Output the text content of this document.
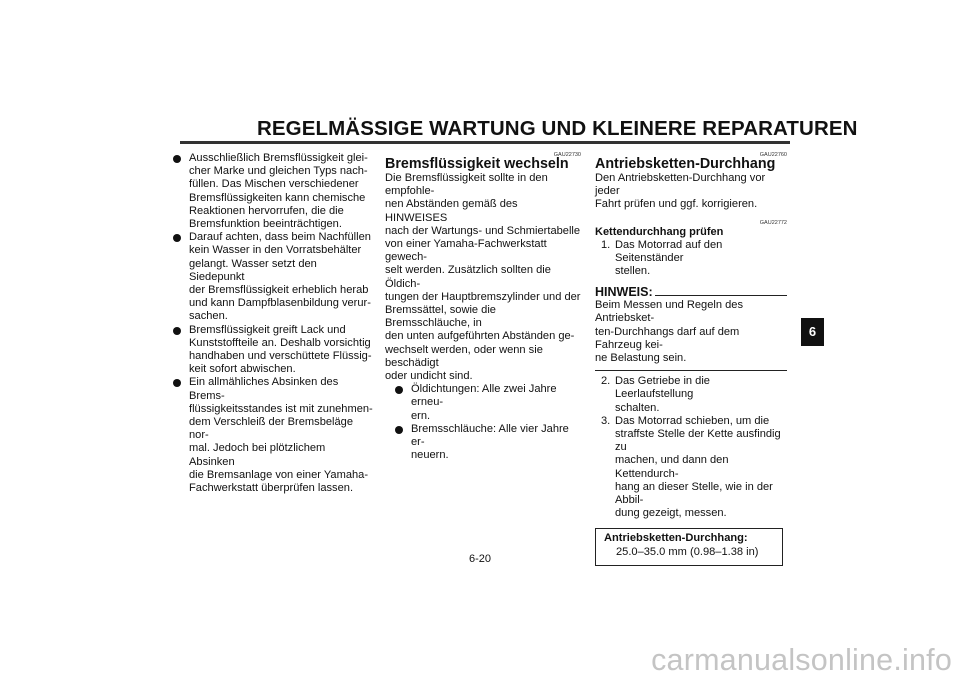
REGELMÄSSIGE WARTUNG UND KLEINERE REPARATUREN
Ausschließlich Bremsflüssigkeit glei-
cher Marke und gleichen Typs nach-
füllen. Das Mischen verschiedener
Bremsflüssigkeiten kann chemische
Reaktionen hervorrufen, die die
Bremsfunktion beeinträchtigen.
Darauf achten, dass beim Nachfüllen
kein Wasser in den Vorratsbehälter
gelangt. Wasser setzt den Siedepunkt
der Bremsflüssigkeit erheblich herab
und kann Dampfblasenbildung verur-
sachen.
Bremsflüssigkeit greift Lack und
Kunststoffteile an. Deshalb vorsichtig
handhaben und verschüttete Flüssig-
keit sofort abwischen.
Ein allmähliches Absinken des Brems-
flüssigkeitsstandes ist mit zunehmen-
dem Verschleiß der Bremsbeläge nor-
mal. Jedoch bei plötzlichem Absinken
die Bremsanlage von einer Yamaha-
Fachwerkstatt überprüfen lassen.
GAU22730
Bremsflüssigkeit wechseln
Die Bremsflüssigkeit sollte in den empfohle-
nen Abständen gemäß des HINWEISES
nach der Wartungs- und Schmiertabelle
von einer Yamaha-Fachwerkstatt gewech-
selt werden. Zusätzlich sollten die Öldich-
tungen der Hauptbremszylinder und der
Bremssättel, sowie die Bremsschläuche, in
den unten aufgeführten Abständen ge-
wechselt werden, oder wenn sie beschädigt
oder undicht sind.
Öldichtungen: Alle zwei Jahre erneu-
ern.
Bremsschläuche: Alle vier Jahre er-
neuern.
GAU22760
Antriebsketten-Durchhang
Den Antriebsketten-Durchhang vor jeder
Fahrt prüfen und ggf. korrigieren.
GAU22772
Kettendurchhang prüfen
1. Das Motorrad auf den Seitenständer
stellen.
HINWEIS:
Beim Messen und Regeln des Antriebsket-
ten-Durchhangs darf auf dem Fahrzeug kei-
ne Belastung sein.
2. Das Getriebe in die Leerlaufstellung
schalten.
3. Das Motorrad schieben, um die
straffste Stelle der Kette ausfindig zu
machen, und dann den Kettendurch-
hang an dieser Stelle, wie in der Abbil-
dung gezeigt, messen.
Antriebsketten-Durchhang:
25.0–35.0 mm (0.98–1.38 in)
6
6-20
carmanualsonline.info
